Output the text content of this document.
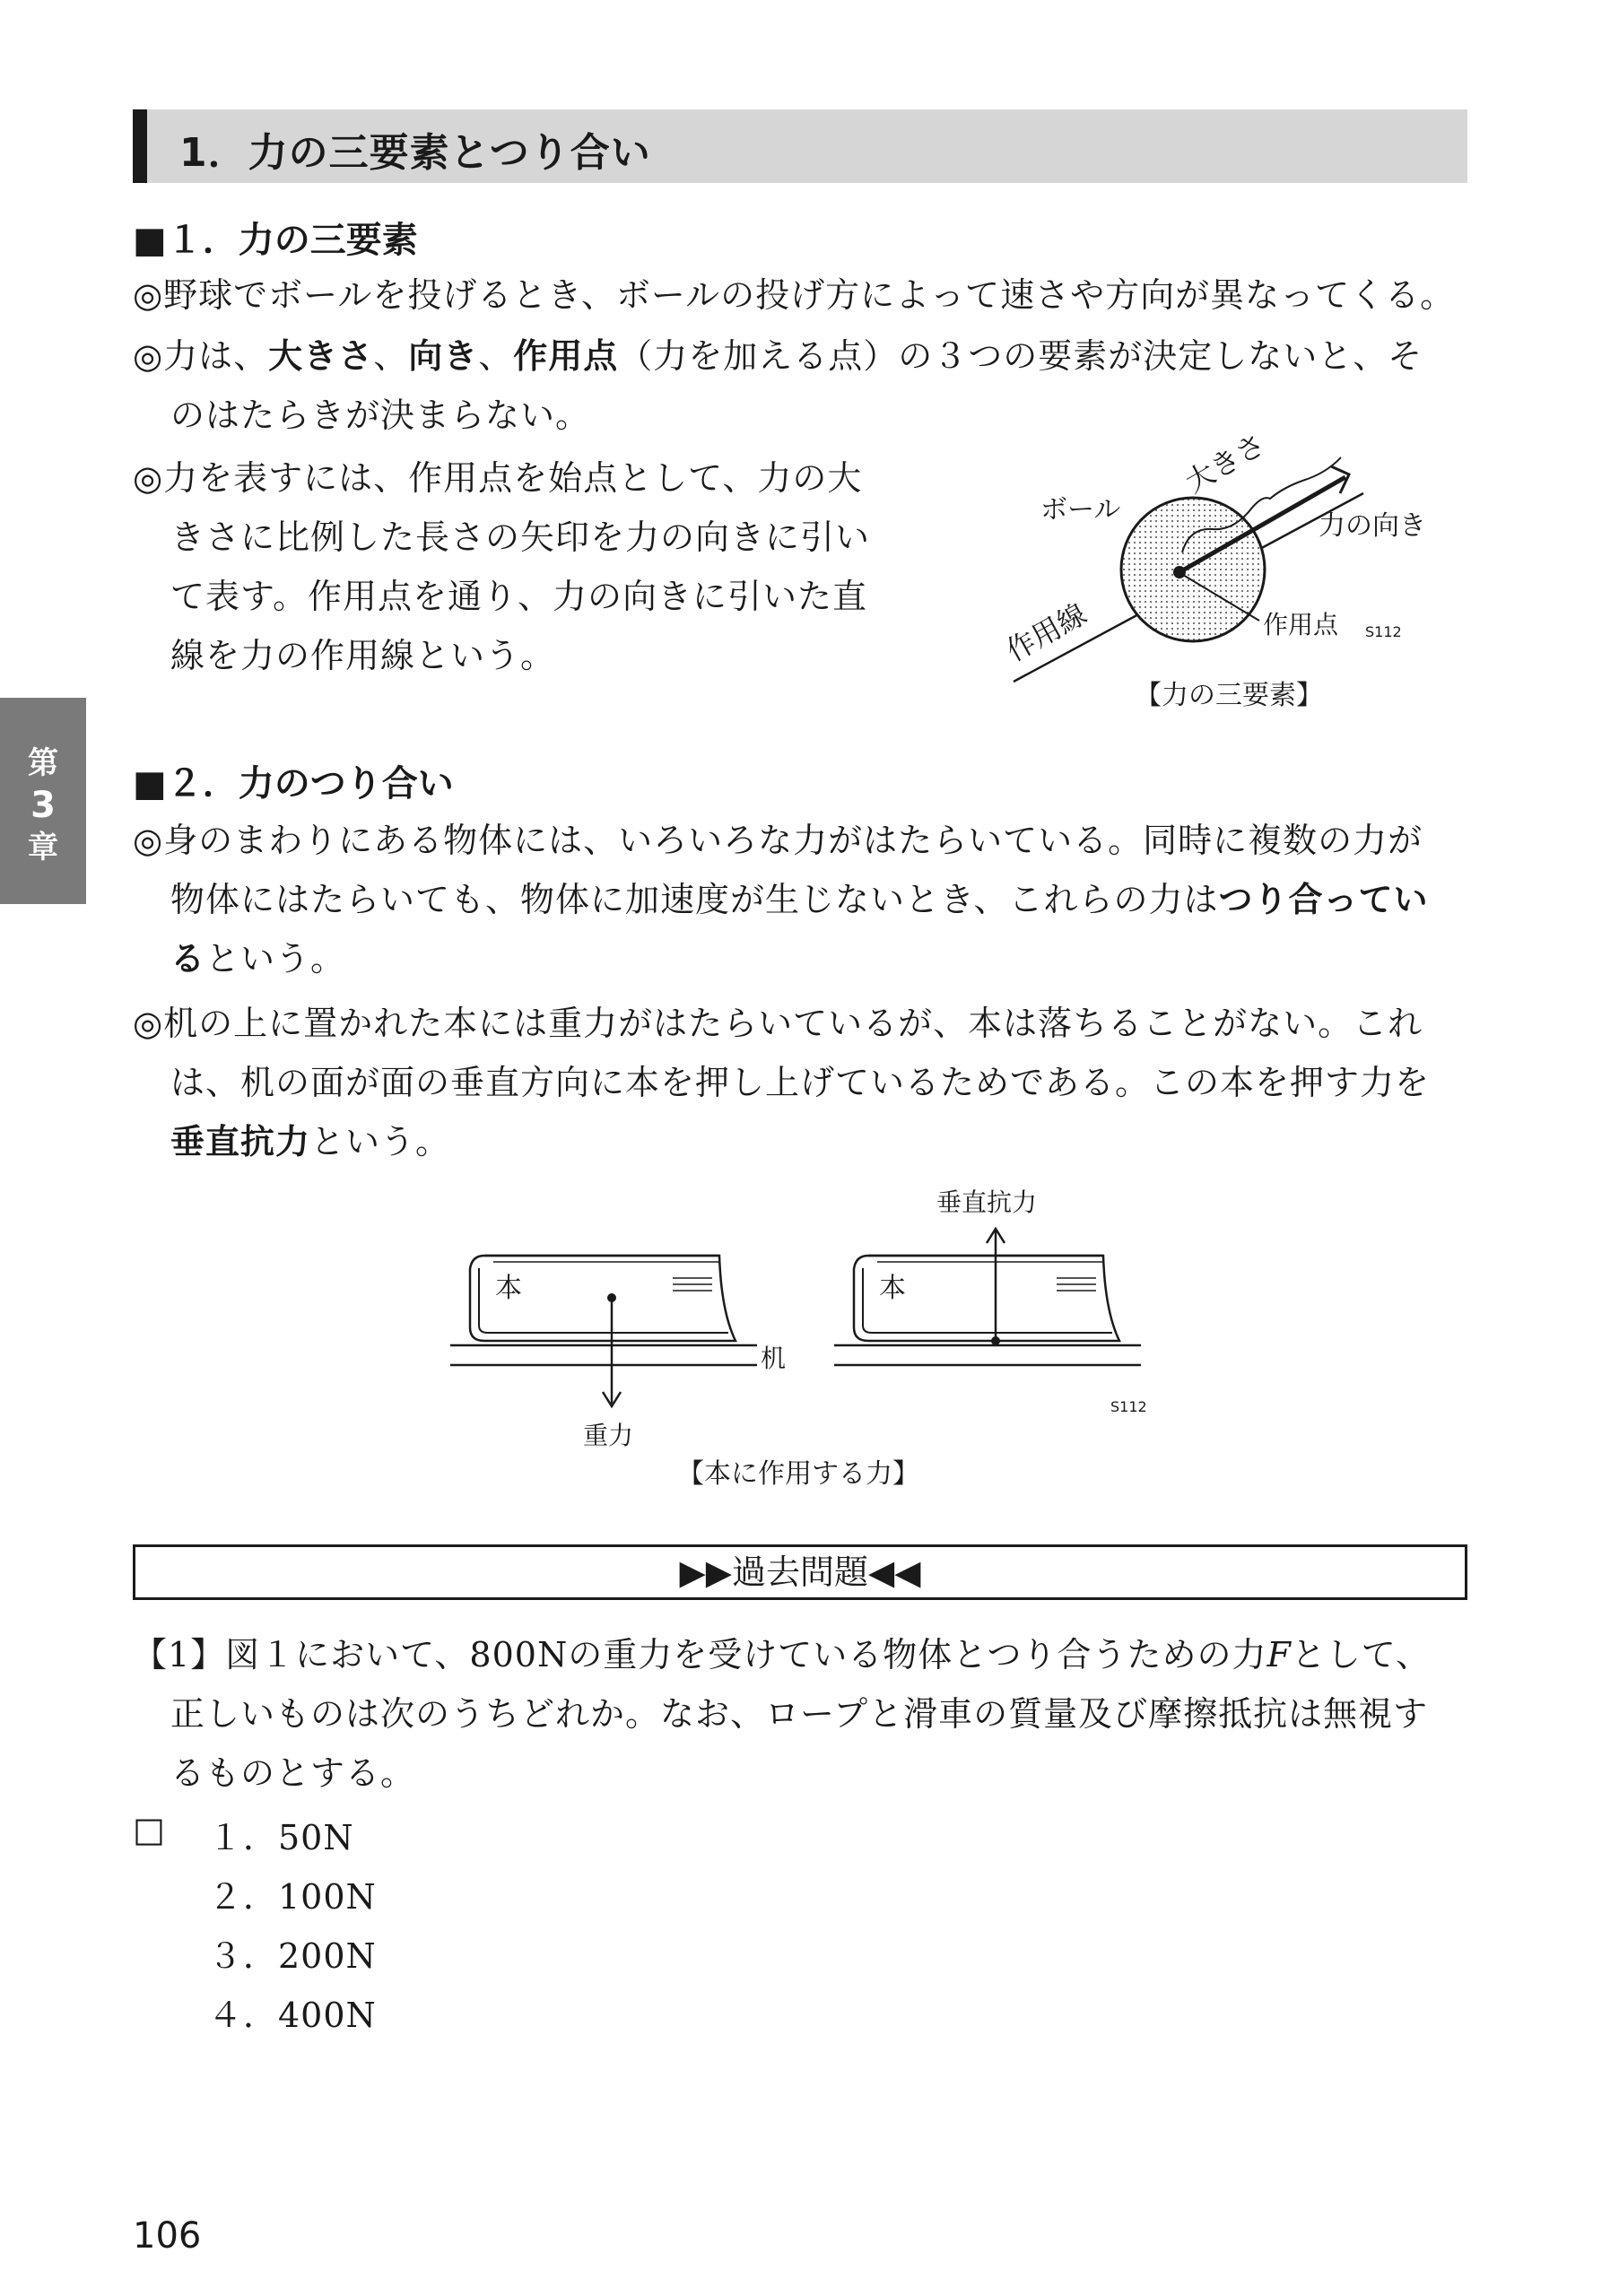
1．力の三要素とつり合い
■１．力の三要素
◎野球でボールを投げるとき、ボールの投げ方によって速さや方向が異なってくる。
◎力は、大きさ、向き、作用点（力を加える点）の３つの要素が決定しないと、そ
のはたらきが決まらない。
◎力を表すには、作用点を始点として、力の大
きさに比例した長さの矢印を力の向きに引い
て表す。作用点を通り、力の向きに引いた直
線を力の作用線という。
ボール
大きさ
力の向き
作用線	作用点 S112
【力の三要素】
第
3
章
■２．力のつり合い
◎身のまわりにある物体には、いろいろな力がはたらいている。同時に複数の力が
物体にはたらいても、物体に加速度が生じないとき、これらの力はつり合ってい
るという。
◎机の上に置かれた本には重力がはたらいているが、本は落ちることがない。これ
は、机の面が面の垂直方向に本を押し上げているためである。この本を押す力を
垂直抗力という。
本
重力
机
本
垂直抗力
S112
【本に作用する力】
▶▶過去問題◀◀
【1】図１において、800Nの重力を受けている物体とつり合うための力𝐹として、
正しいものは次のうちどれか。なお、ロープと滑車の質量及び摩擦抵抗は無視す
るものとする。
□ １．50N
２．100N
３．200N
４．400N
106
